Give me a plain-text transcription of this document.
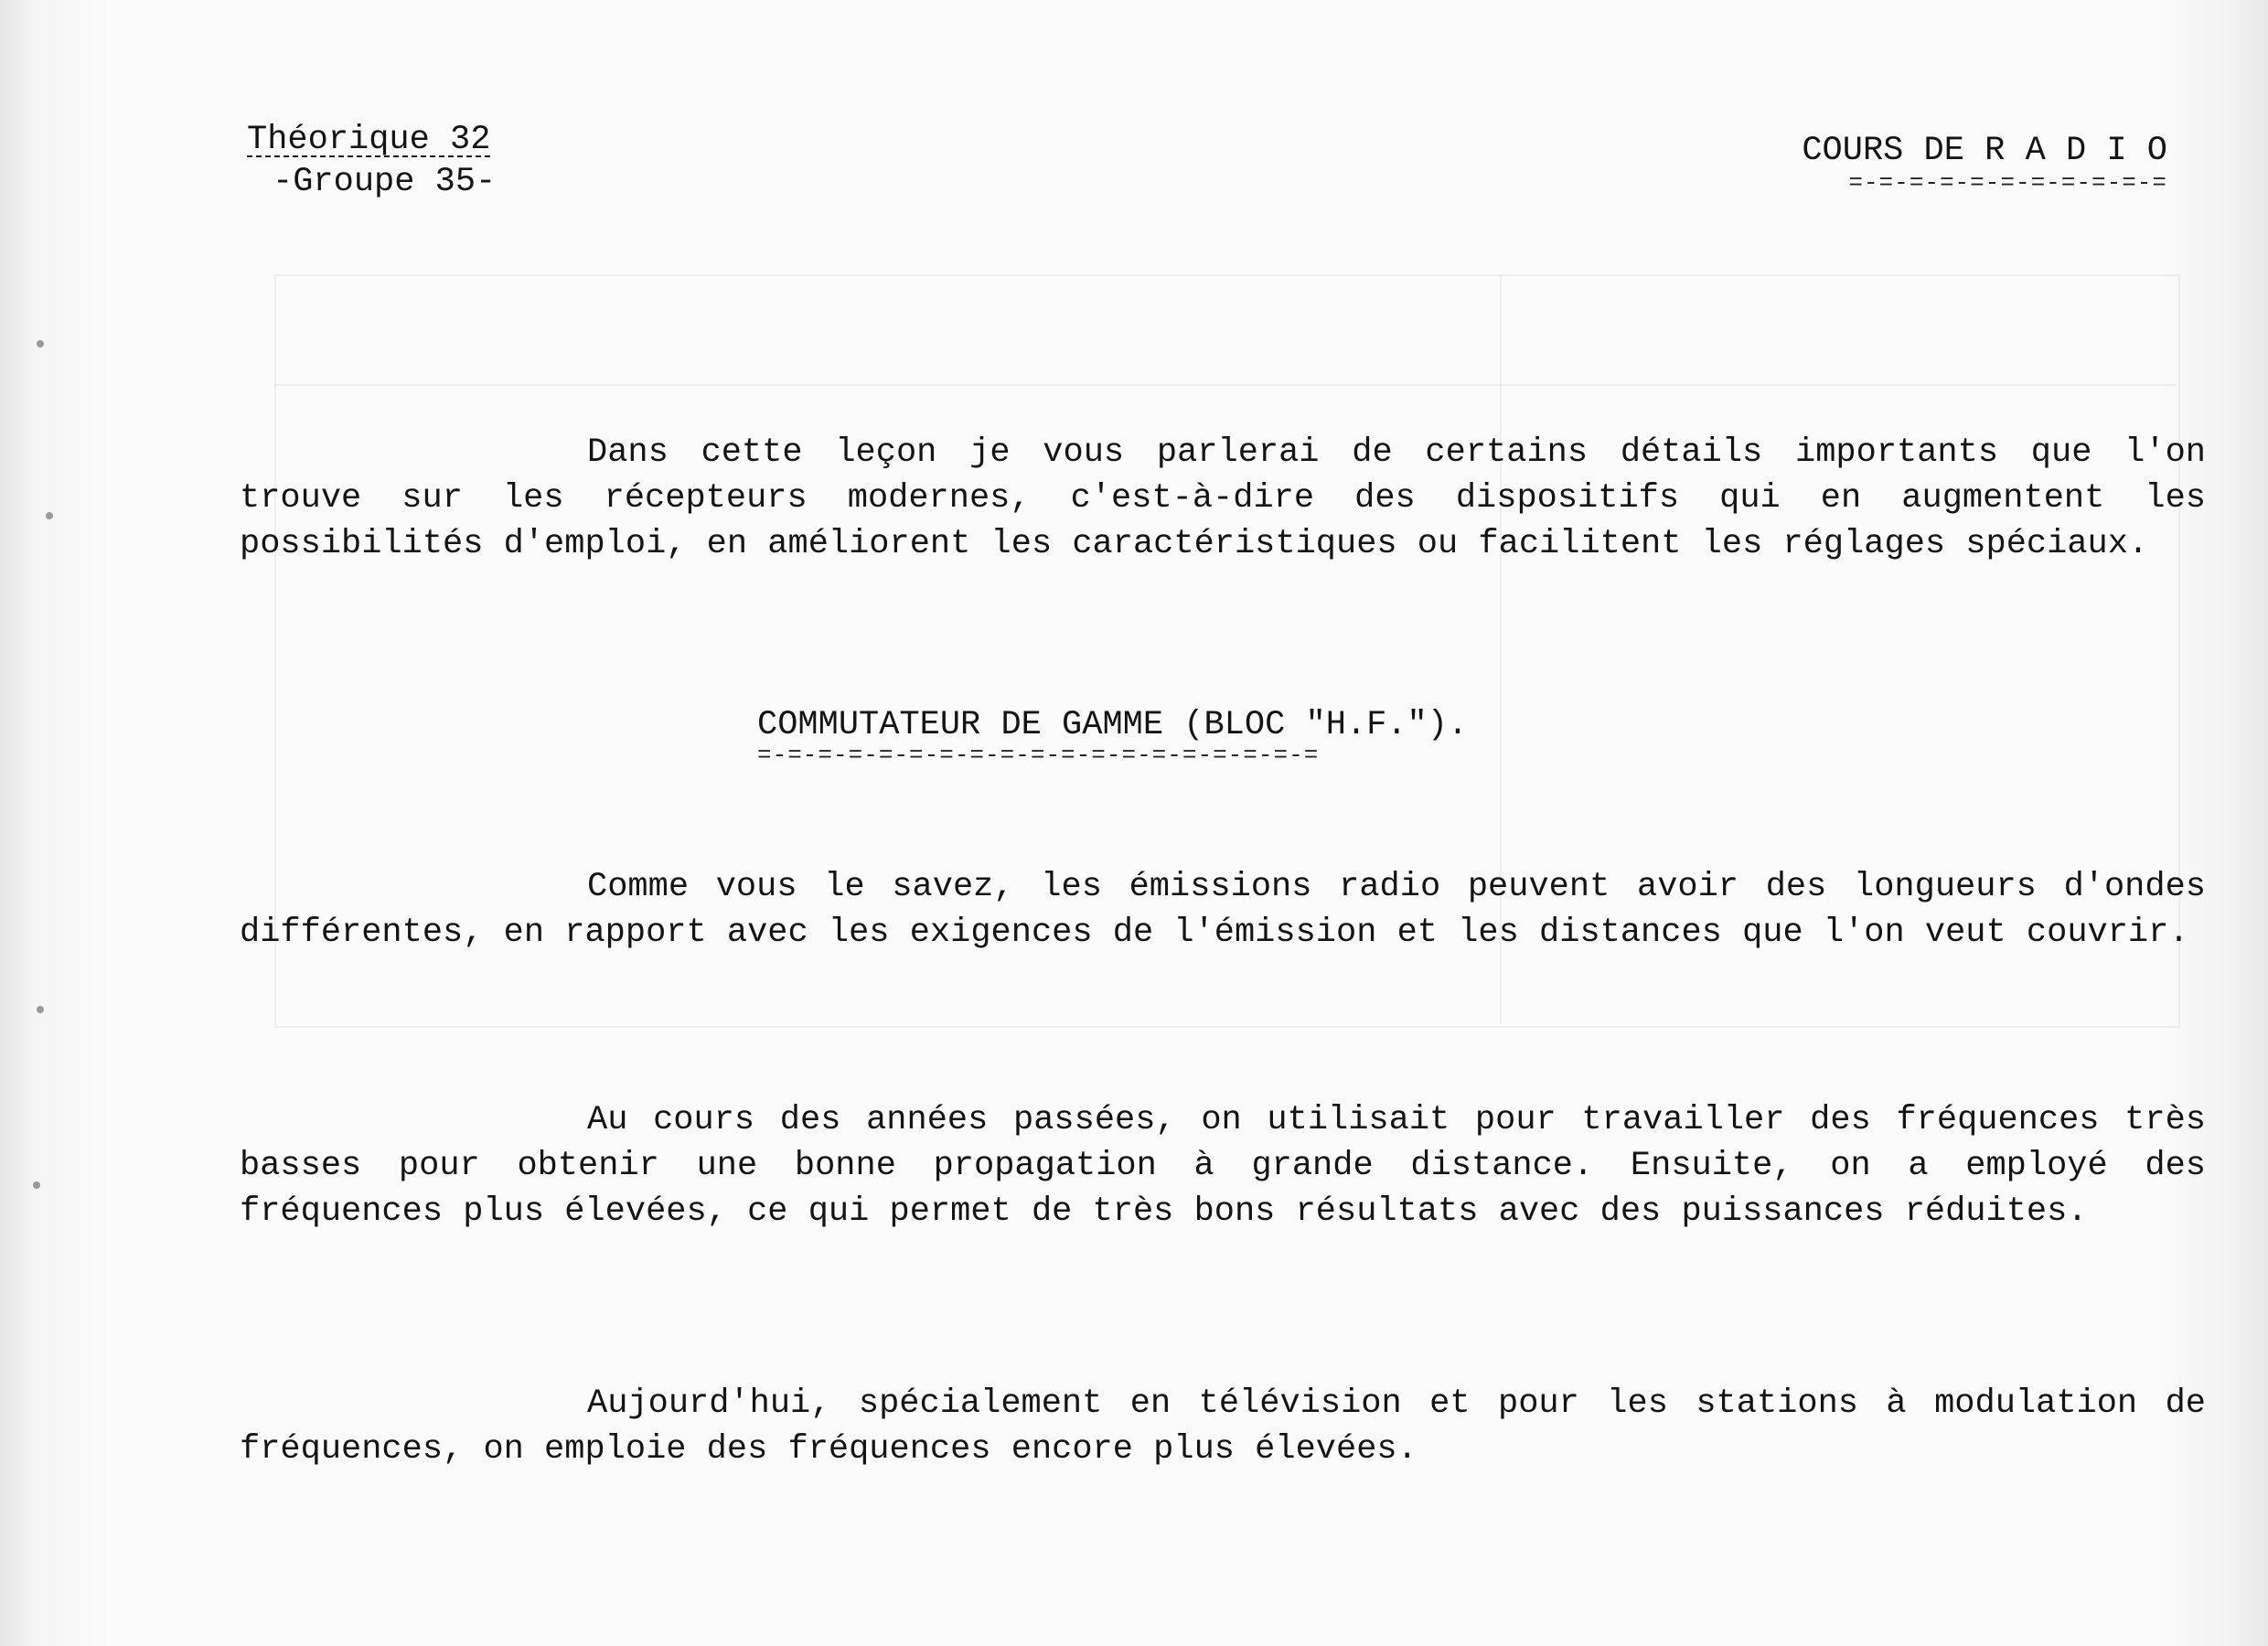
Théorique 32
-Groupe 35-
COURS DE R A D I O
=-=-=-=-=-=-=-=-=-=-=

Dans cette leçon je vous parlerai de certains détails importants que l'on trouve sur les récepteurs modernes, c'est-à-dire des dispositifs qui en augmentent les possibilités d'emploi, en améliorent les caractéristiques ou facilitent les réglages spéciaux.

COMMUTATEUR DE GAMME (BLOC "H.F.").
=-=-=-=-=-=-=-=-=-=-=-=-=-=-=-=-=-=-=

Comme vous le savez, les émissions radio peuvent avoir des longueurs d'ondes différentes, en rapport avec les exigences de l'émission et les distances que l'on veut couvrir.

Au cours des années passées, on utilisait pour travailler des fréquences très basses pour obtenir une bonne propagation à grande distance. Ensuite, on a employé des fréquences plus élevées, ce qui permet de très bons résultats avec des puissances réduites.

Aujourd'hui, spécialement en télévision et pour les stations à modulation de fréquences, on emploie des fréquences encore plus élevées.
